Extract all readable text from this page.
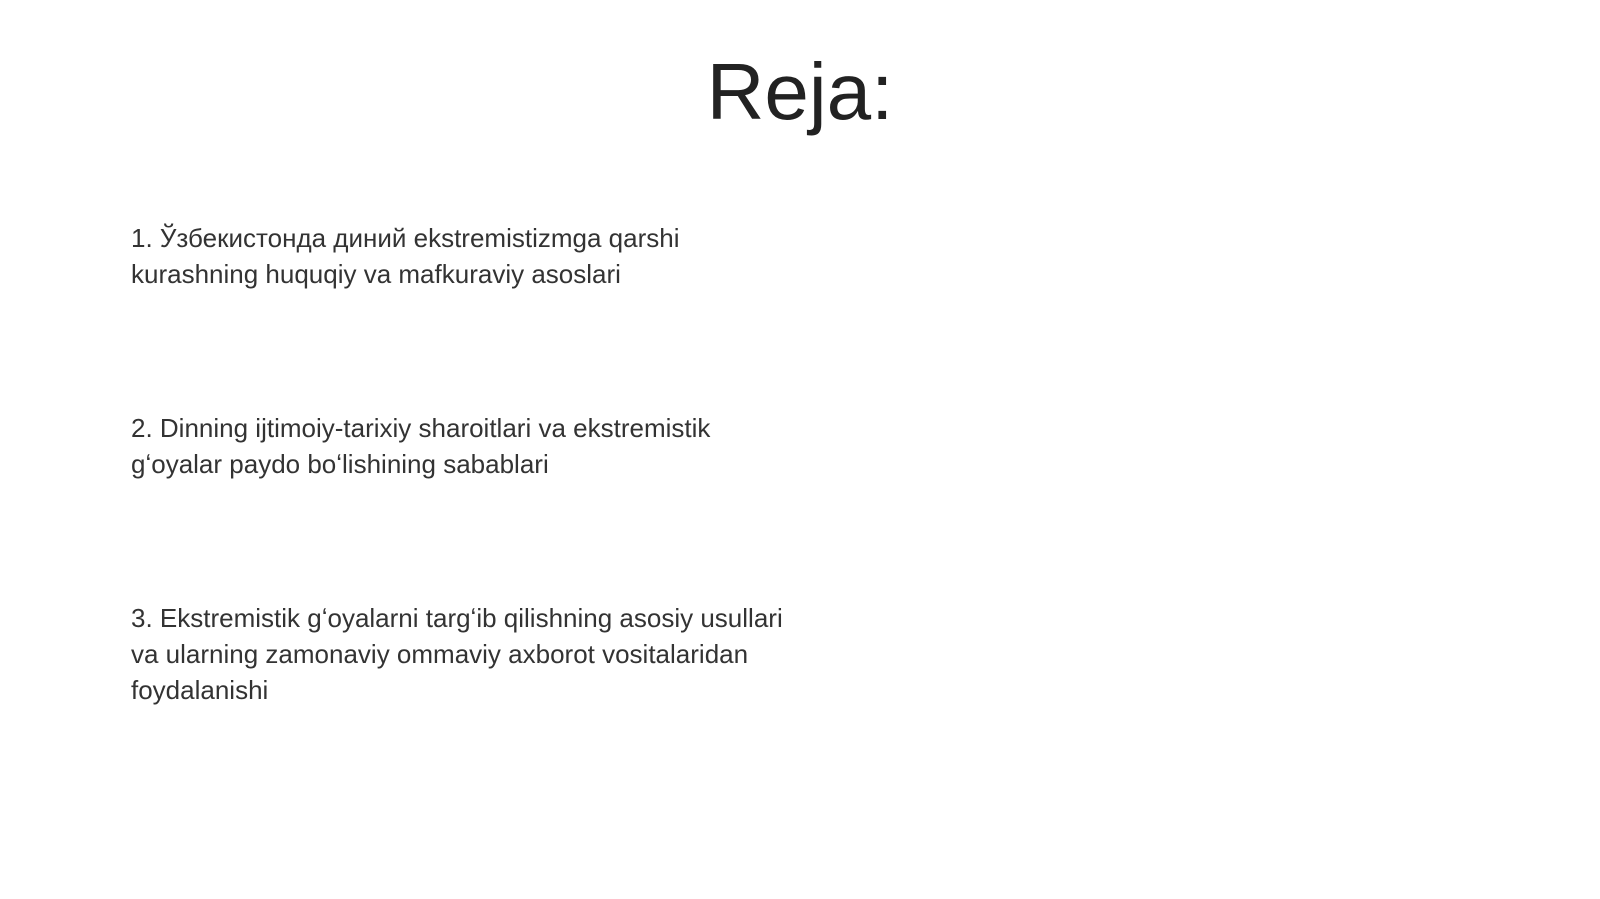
Reja:
1. Ўзбекистонда диний ekstremistizmga qarshi
kurashning huquqiy va mafkuraviy asoslari
2. Dinning ijtimoiy-tarixiy sharoitlari va ekstremistik
gʻoyalar paydo boʻlishining sabablari
3. Ekstremistik gʻoyalarni targʻib qilishning asosiy usullari
va ularning zamonaviy ommaviy axborot vositalaridan
foydalanishi
